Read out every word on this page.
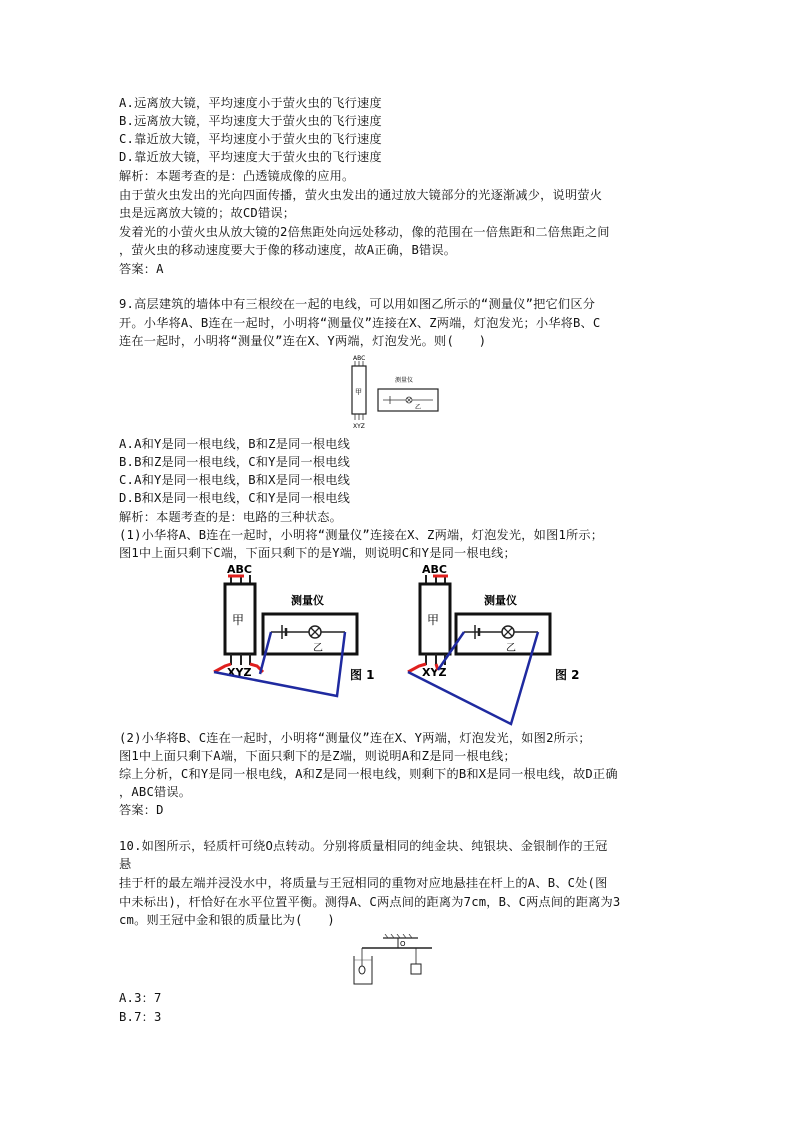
A.远离放大镜，平均速度小于萤火虫的飞行速度
B.远离放大镜，平均速度大于萤火虫的飞行速度
C.靠近放大镜，平均速度小于萤火虫的飞行速度
D.靠近放大镜，平均速度大于萤火虫的飞行速度
解析：本题考查的是：凸透镜成像的应用。
由于萤火虫发出的光向四面传播，萤火虫发出的通过放大镜部分的光逐渐减少，说明萤火
虫是远离放大镜的；故CD错误；
发着光的小萤火虫从放大镜的2倍焦距处向远处移动，像的范围在一倍焦距和二倍焦距之间
，萤火虫的移动速度要大于像的移动速度，故A正确，B错误。
答案：A
9.高层建筑的墙体中有三根绞在一起的电线，可以用如图乙所示的“测量仪”把它们区分
开。小华将A、B连在一起时，小明将“测量仪”连接在X、Z两端，灯泡发光；小华将B、C
连在一起时，小明将“测量仪”连在X、Y两端，灯泡发光。则(　　)
ABC
甲
XYZ
测量仪
乙
A.A和Y是同一根电线，B和Z是同一根电线
B.B和Z是同一根电线，C和Y是同一根电线
C.A和Y是同一根电线，B和X是同一根电线
D.B和X是同一根电线，C和Y是同一根电线
解析：本题考查的是：电路的三种状态。
(1)小华将A、B连在一起时，小明将“测量仪”连接在X、Z两端，灯泡发光，如图1所示；
图1中上面只剩下C端，下面只剩下的是Y端，则说明C和Y是同一根电线；
ABC
甲
XYZ
测量仪
乙
图 1
ABC
甲
XYZ
测量仪
乙
图 2
(2)小华将B、C连在一起时，小明将“测量仪”连在X、Y两端，灯泡发光，如图2所示；
图1中上面只剩下A端，下面只剩下的是Z端，则说明A和Z是同一根电线；
综上分析，C和Y是同一根电线，A和Z是同一根电线，则剩下的B和X是同一根电线，故D正确
，ABC错误。
答案：D
10.如图所示，轻质杆可绕O点转动。分别将质量相同的纯金块、纯银块、金银制作的王冠
悬
挂于杆的最左端并浸没水中，将质量与王冠相同的重物对应地悬挂在杆上的A、B、C处(图
中未标出)，杆恰好在水平位置平衡。测得A、C两点间的距离为7cm，B、C两点间的距离为3
cm。则王冠中金和银的质量比为(　　)
O
A.3：7
B.7：3
